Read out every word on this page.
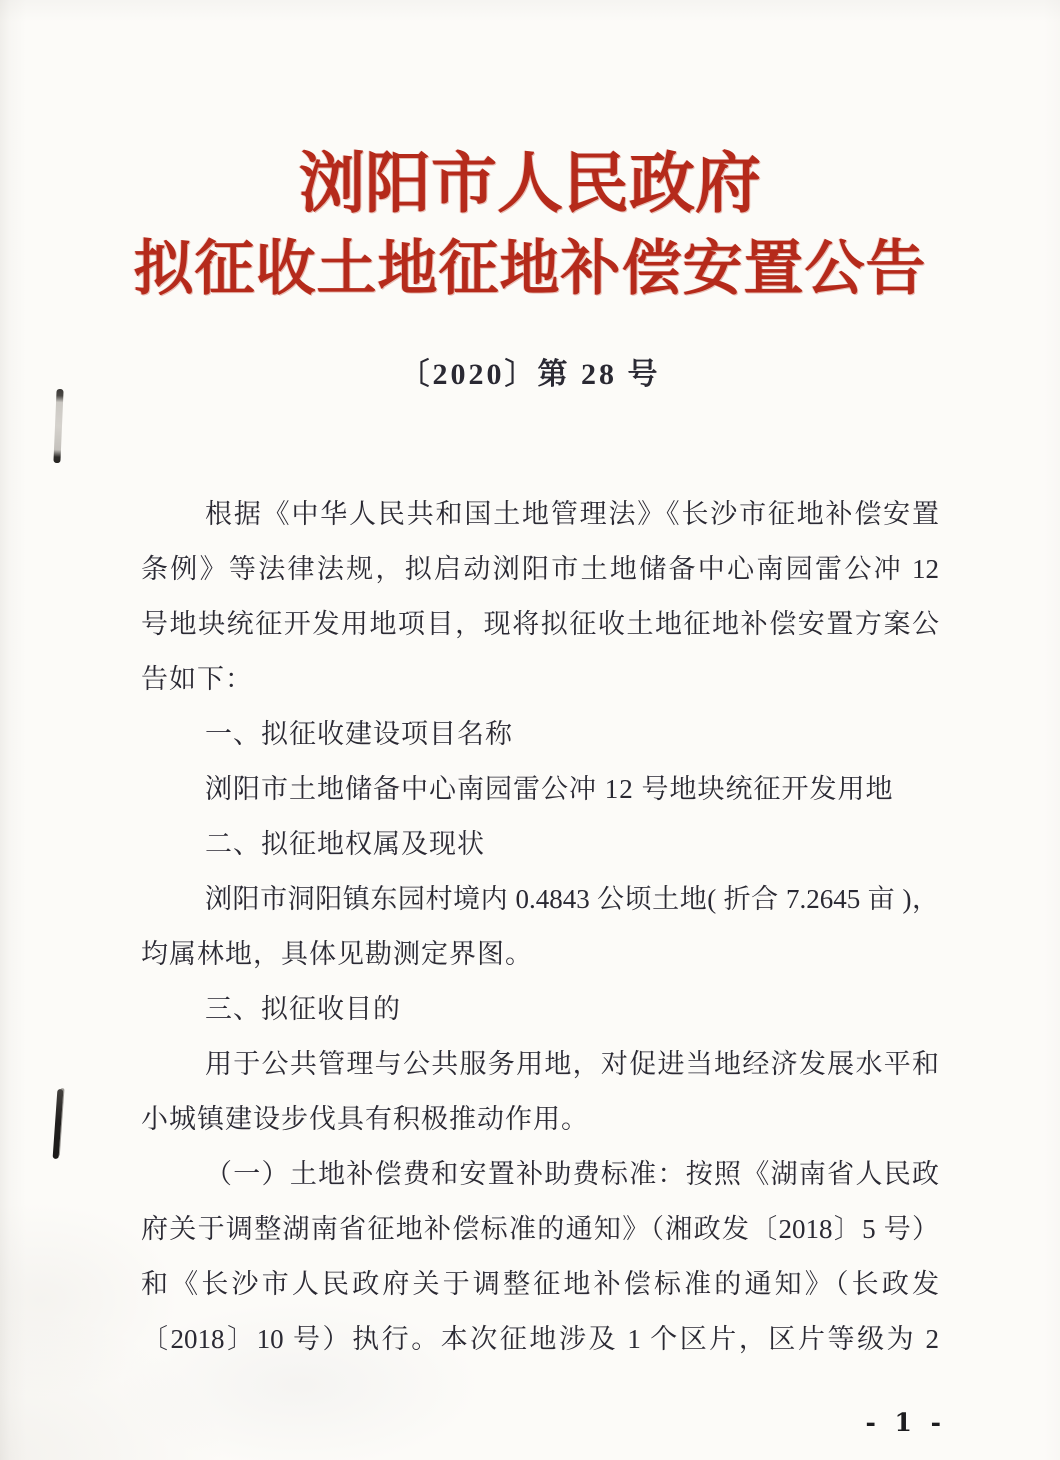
浏阳市人民政府
拟征收土地征地补偿安置公告
〔2020〕第 28 号
根据《中华人民共和国土地管理法》《长沙市征地补偿安置
条例》等法律法规，拟启动浏阳市土地储备中心南园雷公冲 12
号地块统征开发用地项目，现将拟征收土地征地补偿安置方案公
告如下：
一、拟征收建设项目名称
浏阳市土地储备中心南园雷公冲 12 号地块统征开发用地
二、拟征地权属及现状
浏阳市洞阳镇东园村境内 0.4843 公顷土地( 折合 7.2645 亩 )，
均属林地，具体见勘测定界图。
三、拟征收目的
用于公共管理与公共服务用地，对促进当地经济发展水平和
小城镇建设步伐具有积极推动作用。
（一）土地补偿费和安置补助费标准：按照《湖南省人民政
府关于调整湖南省征地补偿标准的通知》（湘政发〔2018〕5 号）
和《长沙市人民政府关于调整征地补偿标准的通知》（长政发
〔2018〕10 号）执行。本次征地涉及 1 个区片，区片等级为 2
- 1 -
